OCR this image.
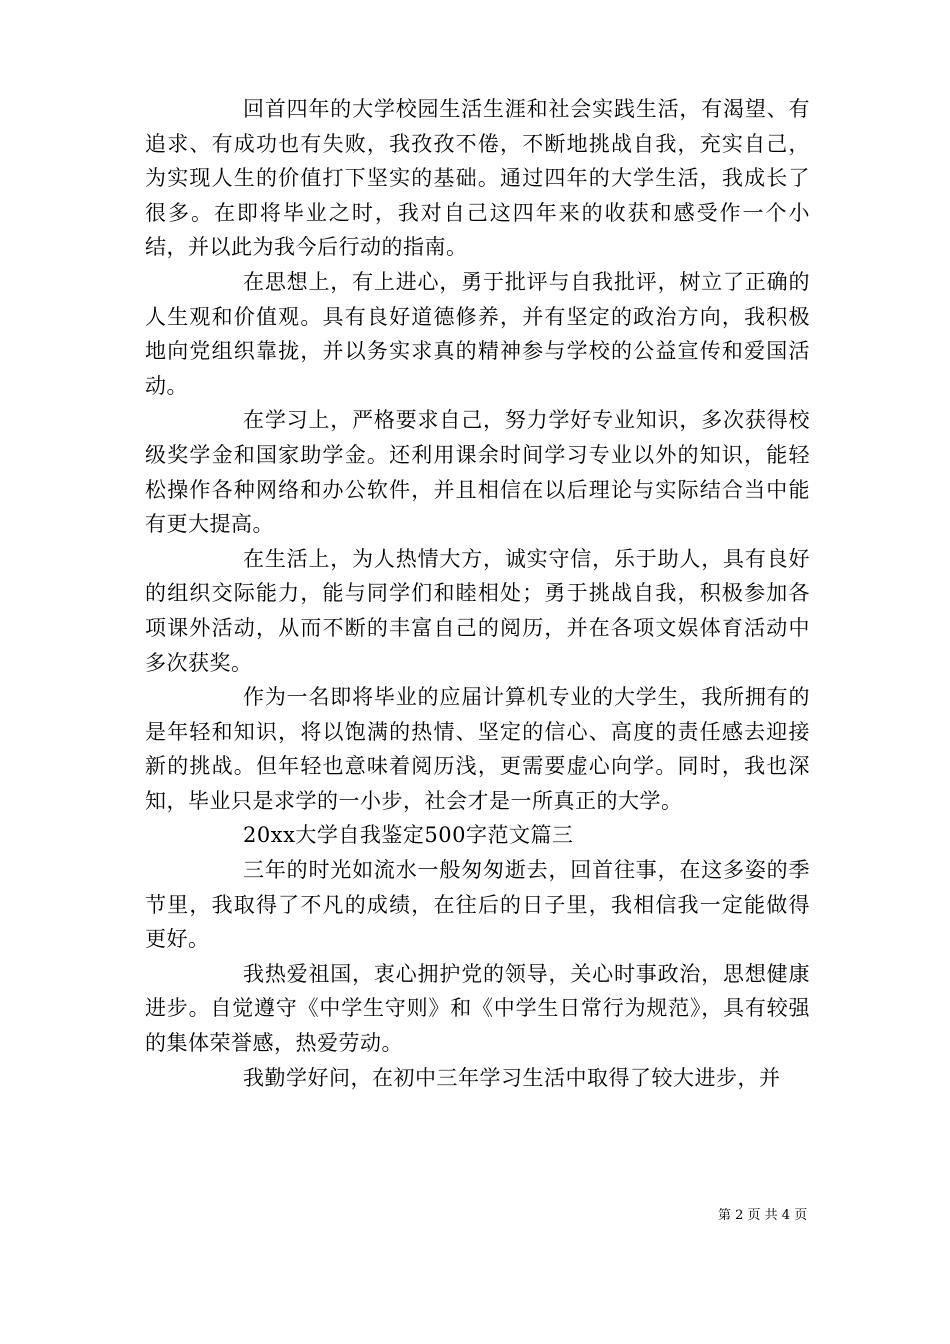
回首四年的大学校园生活生涯和社会实践生活，有渴望、有追求、有成功也有失败，我孜孜不倦，不断地挑战自我，充实自己，为实现人生的价值打下坚实的基础。通过四年的大学生活，我成长了很多。在即将毕业之时，我对自己这四年来的收获和感受作一个小结，并以此为我今后行动的指南。

在思想上，有上进心，勇于批评与自我批评，树立了正确的人生观和价值观。具有良好道德修养，并有坚定的政治方向，我积极地向党组织靠拢，并以务实求真的精神参与学校的公益宣传和爱国活动。

在学习上，严格要求自己，努力学好专业知识，多次获得校级奖学金和国家助学金。还利用课余时间学习专业以外的知识，能轻松操作各种网络和办公软件，并且相信在以后理论与实际结合当中能有更大提高。

在生活上，为人热情大方，诚实守信，乐于助人，具有良好的组织交际能力，能与同学们和睦相处；勇于挑战自我，积极参加各项课外活动，从而不断的丰富自己的阅历，并在各项文娱体育活动中多次获奖。

作为一名即将毕业的应届计算机专业的大学生，我所拥有的是年轻和知识，将以饱满的热情、坚定的信心、高度的责任感去迎接新的挑战。但年轻也意味着阅历浅，更需要虚心向学。同时，我也深知，毕业只是求学的一小步，社会才是一所真正的大学。

20xx大学自我鉴定500字范文篇三

三年的时光如流水一般匆匆逝去，回首往事，在这多姿的季节里，我取得了不凡的成绩，在往后的日子里，我相信我一定能做得更好。

我热爱祖国，衷心拥护党的领导，关心时事政治，思想健康进步。自觉遵守《中学生守则》和《中学生日常行为规范》，具有较强的集体荣誉感，热爱劳动。

我勤学好问，在初中三年学习生活中取得了较大进步，并

第 2 页 共 4 页
